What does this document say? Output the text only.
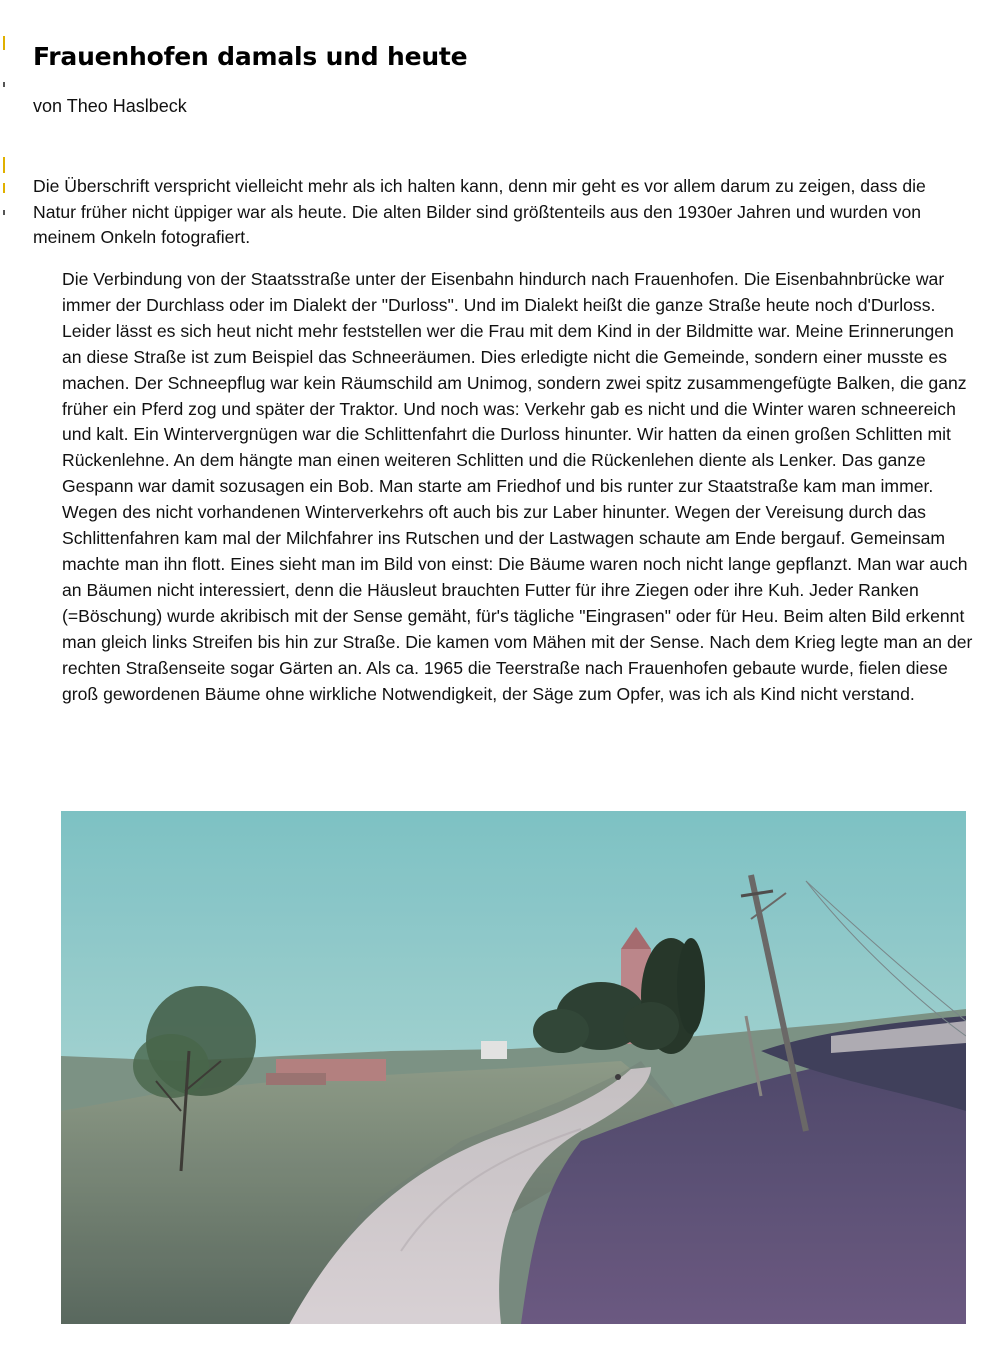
Frauenhofen damals und heute
von Theo Haslbeck

Die Überschrift verspricht vielleicht mehr als ich halten kann, denn mir geht es vor allem darum zu zeigen, dass die Natur früher nicht üppiger war als heute. Die alten Bilder sind größtenteils aus den 1930er Jahren und wurden von meinem Onkeln fotografiert.

Die Verbindung von der Staatsstraße unter der Eisenbahn hindurch nach Frauenhofen. Die Eisenbahnbrücke war immer der Durchlass oder im Dialekt der "Durloss". Und im Dialekt heißt die ganze Straße heute noch d'Durloss. Leider lässt es sich heut nicht mehr feststellen wer die Frau mit dem Kind in der Bildmitte war. Meine Erinnerungen an diese Straße ist zum Beispiel das Schneeräumen. Dies erledigte nicht die Gemeinde, sondern einer musste es machen. Der Schneepflug war kein Räumschild am Unimog, sondern zwei spitz zusammengefügte Balken, die ganz früher ein Pferd zog und später der Traktor. Und noch was: Verkehr gab es nicht und die Winter waren schneereich und kalt. Ein Wintervergnügen war die Schlittenfahrt die Durloss hinunter. Wir hatten da einen großen Schlitten mit Rückenlehne. An dem hängte man einen weiteren Schlitten und die Rückenlehen diente als Lenker. Das ganze Gespann war damit sozusagen ein Bob. Man starte am Friedhof und bis runter zur Staatstraße kam man immer. Wegen des nicht vorhandenen Winterverkehrs oft auch bis zur Laber hinunter. Wegen der Vereisung durch das Schlittenfahren kam mal der Milchfahrer ins Rutschen und der Lastwagen schaute am Ende bergauf. Gemeinsam machte man ihn flott. Eines sieht man im Bild von einst: Die Bäume waren noch nicht lange gepflanzt. Man war auch an Bäumen nicht interessiert, denn die Häusleut brauchten Futter für ihre Ziegen oder ihre Kuh. Jeder Ranken (=Böschung) wurde akribisch mit der Sense gemäht, für's tägliche "Eingrasen" oder für Heu. Beim alten Bild erkennt man gleich links Streifen bis hin zur Straße. Die kamen vom Mähen mit der Sense. Nach dem Krieg legte man an der rechten Straßenseite sogar Gärten an. Als ca. 1965 die Teerstraße nach Frauenhofen gebaute wurde, fielen diese groß gewordenen Bäume ohne wirkliche Notwendigkeit, der Säge zum Opfer, was ich als Kind nicht verstand.
